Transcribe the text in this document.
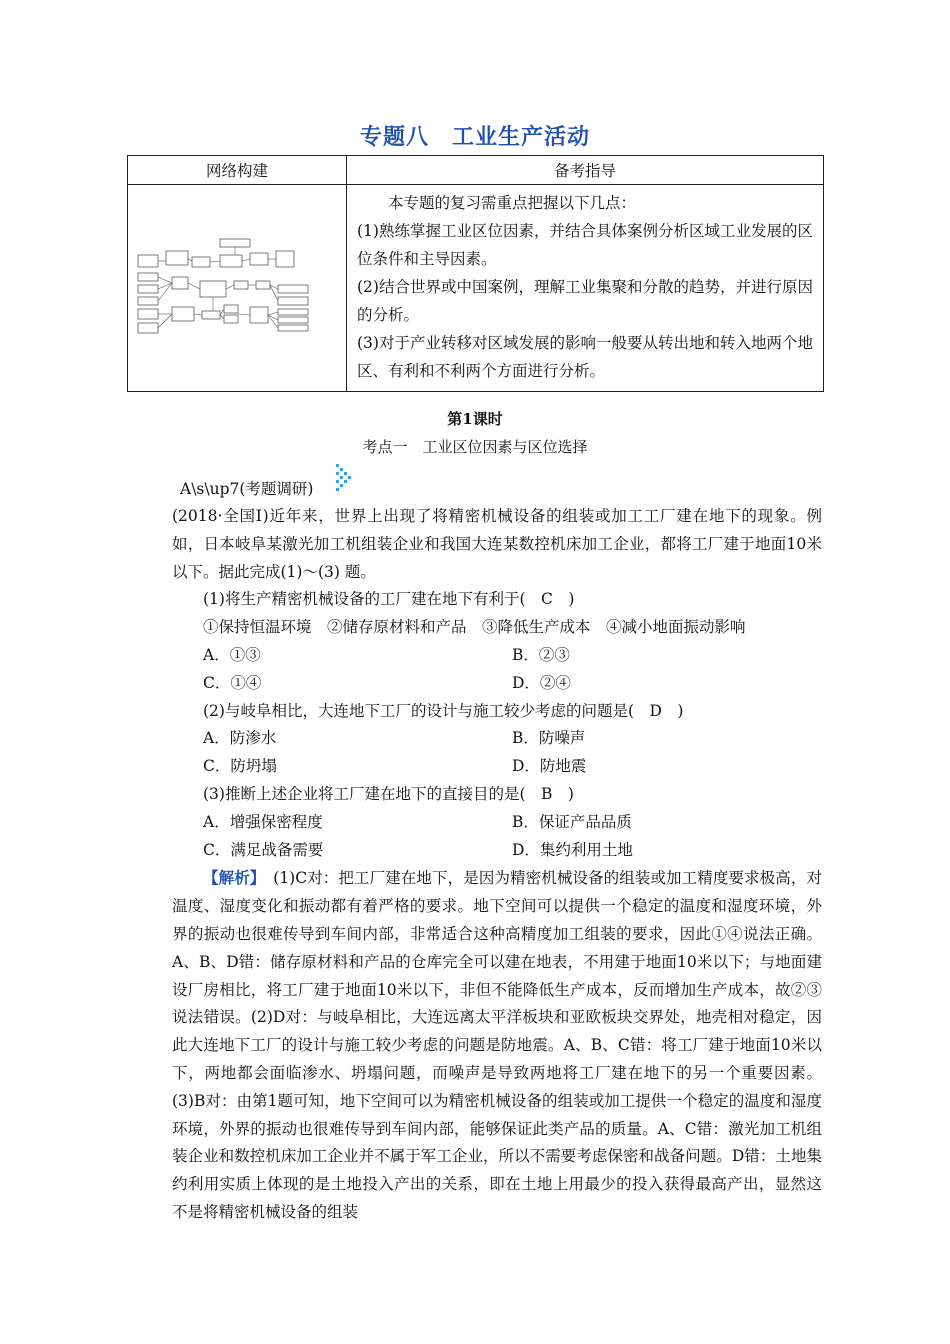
专题八　工业生产活动
网络构建	备考指导

本专题的复习需重点把握以下几点：
(1)熟练掌握工业区位因素，并结合具体案例分析区域工业发展的区位条件和主导因素。
(2)结合世界或中国案例，理解工业集聚和分散的趋势，并进行原因的分析。
(3)对于产业转移对区域发展的影响一般要从转出地和转入地两个地区、有利和不利两个方面进行分析。
第1课时
考点一　工业区位因素与区位选择
A\s\up7(考题调研)
(2018·全国Ⅰ)近年来，世界上出现了将精密机械设备的组装或加工工厂建在地下的现象。例如，日本岐阜某激光加工机组装企业和我国大连某数控机床加工企业，都将工厂建于地面10米以下。据此完成(1)～(3) 题。
(1)将生产精密机械设备的工厂建在地下有利于(　C　)
①保持恒温环境　②储存原材料和产品　③降低生产成本　④减小地面振动影响
A．①③	B．②③
C．①④	D．②④
(2)与岐阜相比，大连地下工厂的设计与施工较少考虑的问题是(　D　)
A．防渗水	B．防噪声
C．防坍塌	D．防地震
(3)推断上述企业将工厂建在地下的直接目的是(　B　)
A．增强保密程度	B．保证产品品质
C．满足战备需要	D．集约利用土地
【解析】　(1)C对：把工厂建在地下，是因为精密机械设备的组装或加工精度要求极高，对温度、湿度变化和振动都有着严格的要求。地下空间可以提供一个稳定的温度和湿度环境，外界的振动也很难传导到车间内部，非常适合这种高精度加工组装的要求，因此①④说法正确。A、B、D错：储存原材料和产品的仓库完全可以建在地表，不用建于地面10米以下；与地面建设厂房相比，将工厂建于地面10米以下，非但不能降低生产成本，反而增加生产成本，故②③说法错误。(2)D对：与岐阜相比，大连远离太平洋板块和亚欧板块交界处，地壳相对稳定，因此大连地下工厂的设计与施工较少考虑的问题是防地震。A、B、C错：将工厂建于地面10米以下，两地都会面临渗水、坍塌问题，而噪声是导致两地将工厂建在地下的另一个重要因素。(3)B对：由第1题可知，地下空间可以为精密机械设备的组装或加工提供一个稳定的温度和湿度环境，外界的振动也很难传导到车间内部，能够保证此类产品的质量。A、C错：激光加工机组装企业和数控机床加工企业并不属于军工企业，所以不需要考虑保密和战备问题。D错：土地集约利用实质上体现的是土地投入产出的关系，即在土地上用最少的投入获得最高产出，显然这不是将精密机械设备的组装
